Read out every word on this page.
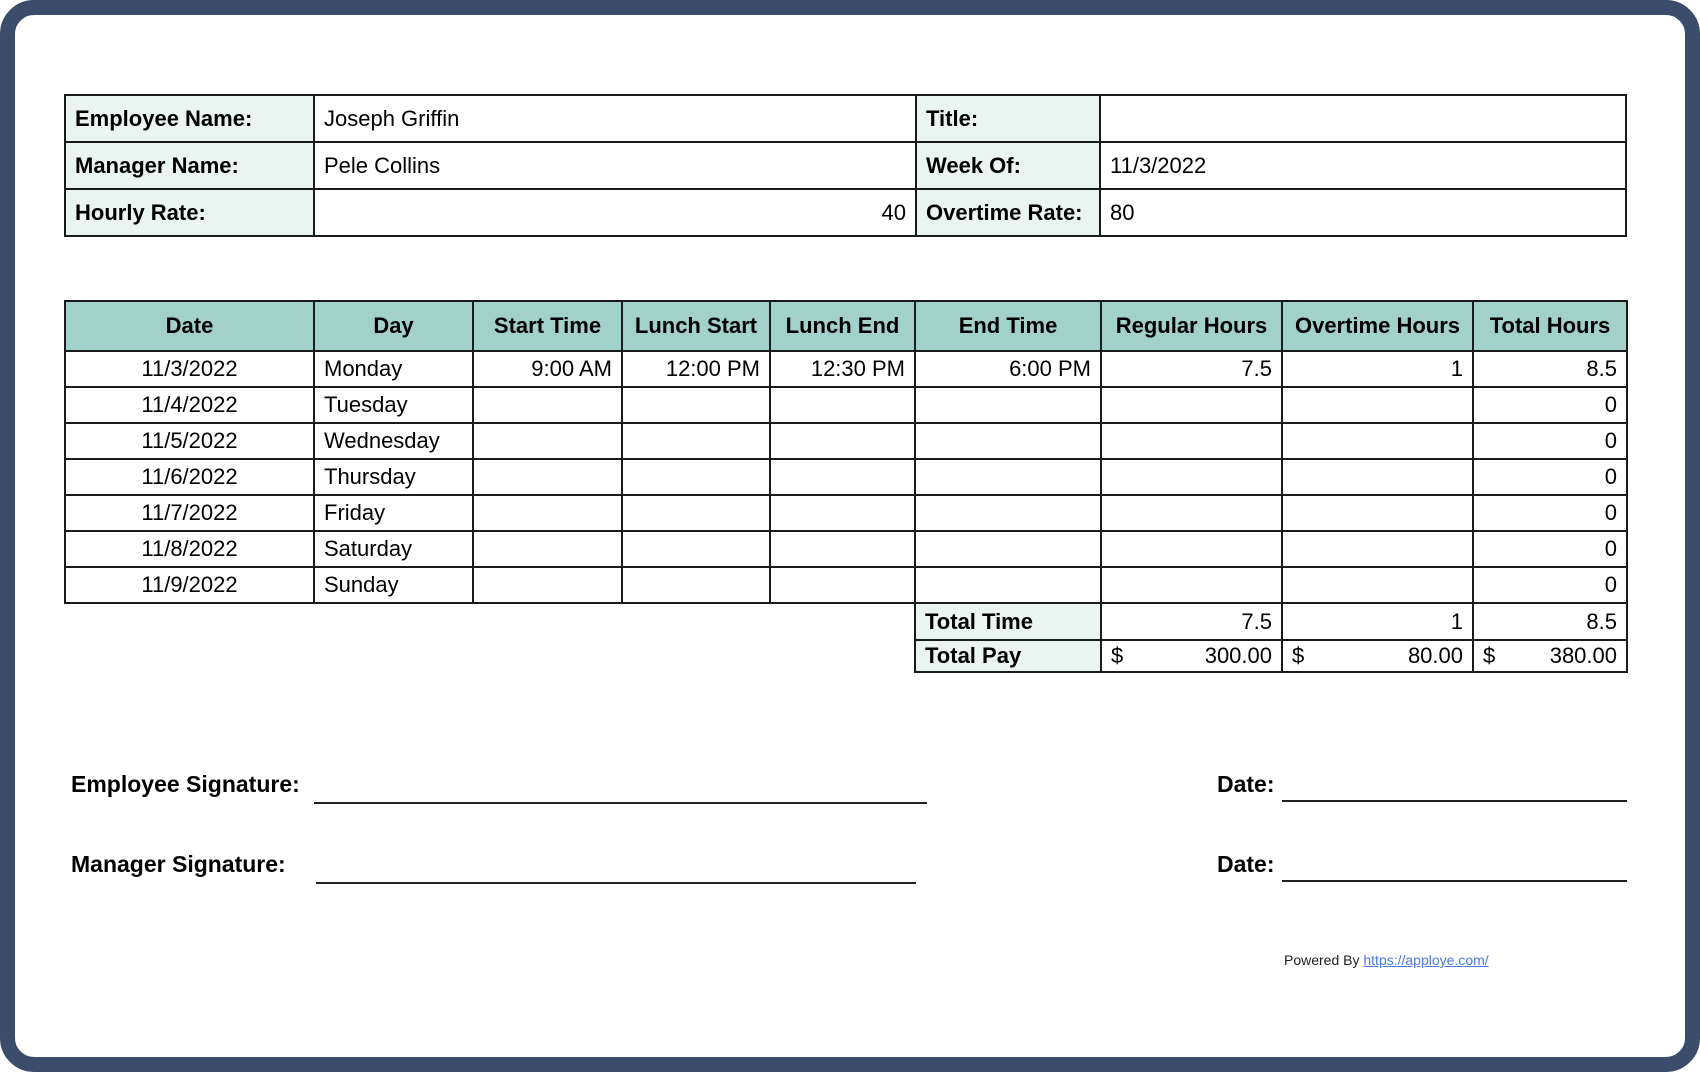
Employee Name:	Joseph Griffin	Title:	
Manager Name:	Pele Collins	Week Of:	11/3/2022
Hourly Rate:	40	Overtime Rate:	80
Date	Day	Start Time	Lunch Start	Lunch End	End Time	Regular Hours	Overtime Hours	Total Hours
11/3/2022	Monday	9:00 AM	12:00 PM	12:30 PM	6:00 PM	7.5	1	8.5
11/4/2022	Tuesday							0
11/5/2022	Wednesday							0
11/6/2022	Thursday							0
11/7/2022	Friday							0
11/8/2022	Saturday							0
11/9/2022	Sunday							0
					Total Time	7.5	1	8.5
					Total Pay	$ 300.00	$ 80.00	$ 380.00
Employee Signature:	Date:
Manager Signature:	Date:
Powered By https://apploye.com/
